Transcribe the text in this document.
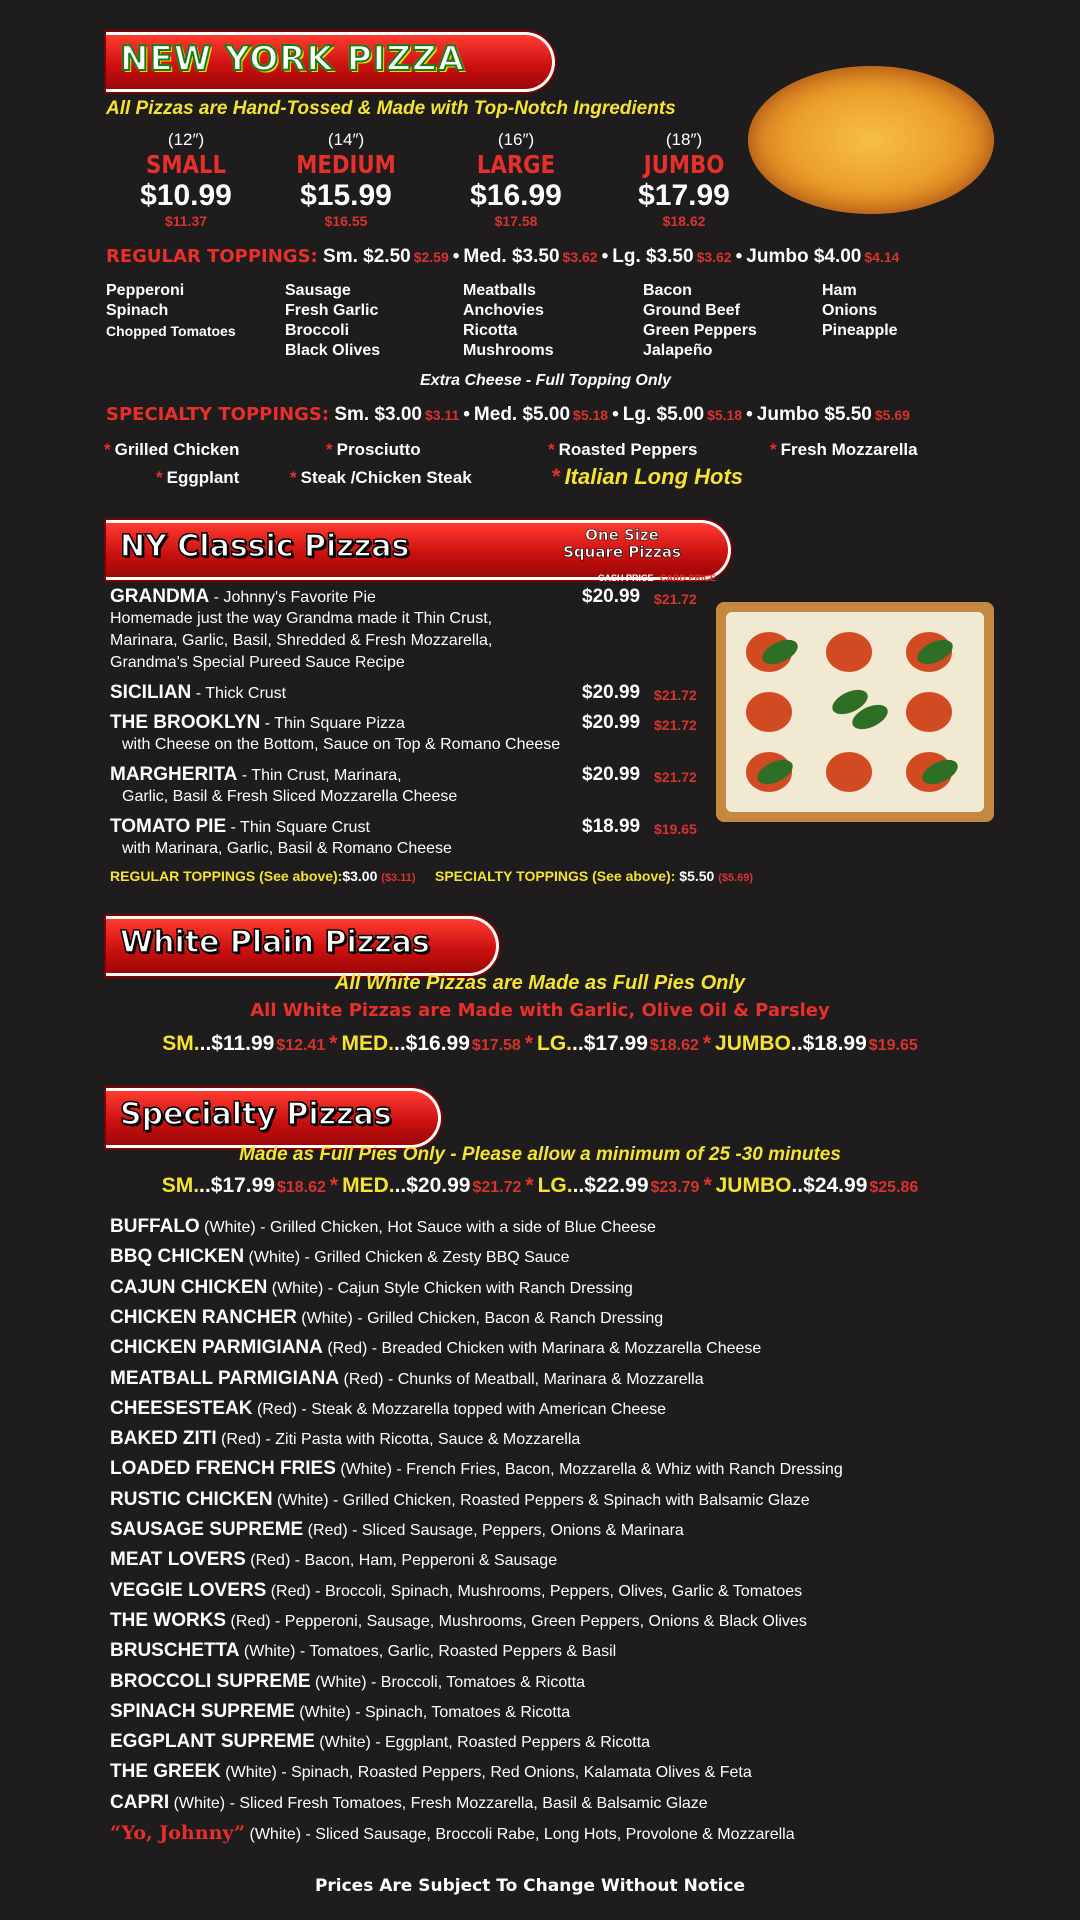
NEW YORK PIZZA
All Pizzas are Hand-Tossed & Made with Top-Notch Ingredients
(12″)
SMALL
$10.99
$11.37
(14″)
MEDIUM
$15.99
$16.55
(16″)
LARGE
$16.99
$17.58
(18″)
JUMBO
$17.99
$18.62
REGULAR TOPPINGS: Sm. $2.50 $2.59 • Med. $3.50 $3.62 • Lg. $3.50 $3.62 • Jumbo $4.00 $4.14
Pepperoni
Spinach
Chopped Tomatoes
Sausage
Fresh Garlic
Broccoli
Black Olives
Meatballs
Anchovies
Ricotta
Mushrooms
Bacon
Ground Beef
Green Peppers
Jalapeño
Ham
Onions
Pineapple
Extra Cheese - Full Topping Only
SPECIALTY TOPPINGS: Sm. $3.00 $3.11 • Med. $5.00 $5.18 • Lg. $5.00 $5.18 • Jumbo $5.50 $5.69
* Grilled Chicken	* Prosciutto	* Roasted Peppers	* Fresh Mozzarella
* Eggplant	* Steak /Chicken Steak	* Italian Long Hots
NY Classic Pizzas	One Size
Square Pizzas
CASH PRICE CARD PRICE
GRANDMA - Johnny's Favorite Pie	$20.99 $21.72
Homemade just the way Grandma made it Thin Crust,
Marinara, Garlic, Basil, Shredded & Fresh Mozzarella,
Grandma's Special Pureed Sauce Recipe
SICILIAN - Thick Crust	$20.99 $21.72
THE BROOKLYN - Thin Square Pizza	$20.99 $21.72
with Cheese on the Bottom, Sauce on Top & Romano Cheese
MARGHERITA - Thin Crust, Marinara,	$20.99 $21.72
Garlic, Basil & Fresh Sliced Mozzarella Cheese
TOMATO PIE - Thin Square Crust	$18.99 $19.65
with Marinara, Garlic, Basil & Romano Cheese
REGULAR TOPPINGS (See above):$3.00 ($3.11) SPECIALTY TOPPINGS (See above): $5.50 ($5.69)
White Plain Pizzas
All White Pizzas are Made as Full Pies Only
All White Pizzas are Made with Garlic, Olive Oil & Parsley
SM...$11.99 $12.41 * MED...$16.99 $17.58 * LG...$17.99 $18.62 * JUMBO..$18.99 $19.65
Specialty Pizzas
Made as Full Pies Only - Please allow a minimum of 25 -30 minutes
SM...$17.99 $18.62 * MED...$20.99 $21.72 * LG...$22.99 $23.79 * JUMBO..$24.99 $25.86
BUFFALO (White) - Grilled Chicken, Hot Sauce with a side of Blue Cheese
BBQ CHICKEN (White) - Grilled Chicken & Zesty BBQ Sauce
CAJUN CHICKEN (White) - Cajun Style Chicken with Ranch Dressing
CHICKEN RANCHER (White) - Grilled Chicken, Bacon & Ranch Dressing
CHICKEN PARMIGIANA (Red) - Breaded Chicken with Marinara & Mozzarella Cheese
MEATBALL PARMIGIANA (Red) - Chunks of Meatball, Marinara & Mozzarella
CHEESESTEAK (Red) - Steak & Mozzarella topped with American Cheese
BAKED ZITI (Red) - Ziti Pasta with Ricotta, Sauce & Mozzarella
LOADED FRENCH FRIES (White) - French Fries, Bacon, Mozzarella & Whiz with Ranch Dressing
RUSTIC CHICKEN (White) - Grilled Chicken, Roasted Peppers & Spinach with Balsamic Glaze
SAUSAGE SUPREME (Red) - Sliced Sausage, Peppers, Onions & Marinara
MEAT LOVERS (Red) - Bacon, Ham, Pepperoni & Sausage
VEGGIE LOVERS (Red) - Broccoli, Spinach, Mushrooms, Peppers, Olives, Garlic & Tomatoes
THE WORKS (Red) - Pepperoni, Sausage, Mushrooms, Green Peppers, Onions & Black Olives
BRUSCHETTA (White) - Tomatoes, Garlic, Roasted Peppers & Basil
BROCCOLI SUPREME (White) - Broccoli, Tomatoes & Ricotta
SPINACH SUPREME (White) - Spinach, Tomatoes & Ricotta
EGGPLANT SUPREME (White) - Eggplant, Roasted Peppers & Ricotta
THE GREEK (White) - Spinach, Roasted Peppers, Red Onions, Kalamata Olives & Feta
CAPRI (White) - Sliced Fresh Tomatoes, Fresh Mozzarella, Basil & Balsamic Glaze
“Yo, Johnny” (White) - Sliced Sausage, Broccoli Rabe, Long Hots, Provolone & Mozzarella
Prices Are Subject To Change Without Notice
